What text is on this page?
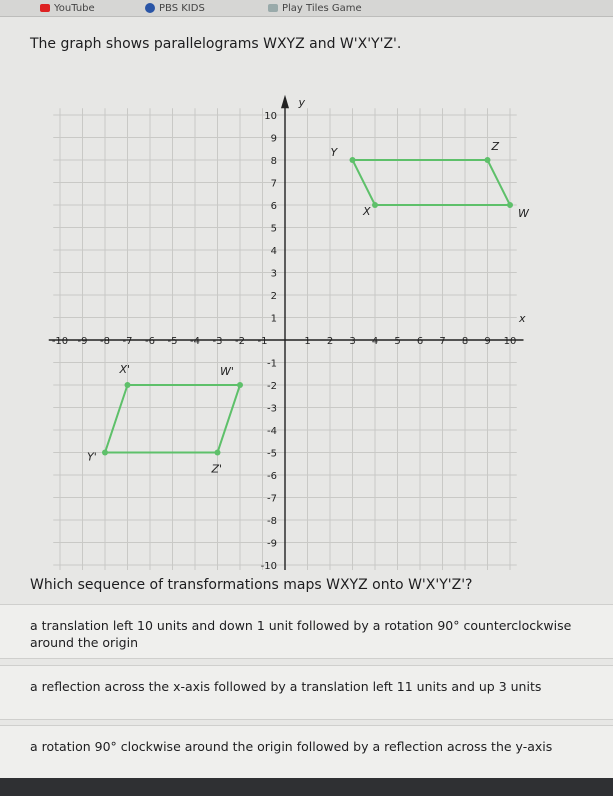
YouTube	PBS KIDS	Play Tiles Game
The graph shows parallelograms WXYZ and W'X'Y'Z'.
-10 -9 -8 -7 -6 -5 -4 -3 -2 -1	1 2 3 4 5 6 7 8 9 10
10
9
8
7
6
5
4
3
2
1
-1
-2
-3
-4
-5
-6
-7
-8
-9
-10
x
y
W
X
Y	Z
W'
X'
Y'
Z'
Which sequence of transformations maps WXYZ onto W'X'Y'Z'?
a translation left 10 units and down 1 unit followed by a rotation 90° counterclockwise around the origin
a reflection across the x-axis followed by a translation left 11 units and up 3 units
a rotation 90° clockwise around the origin followed by a reflection across the y-axis
